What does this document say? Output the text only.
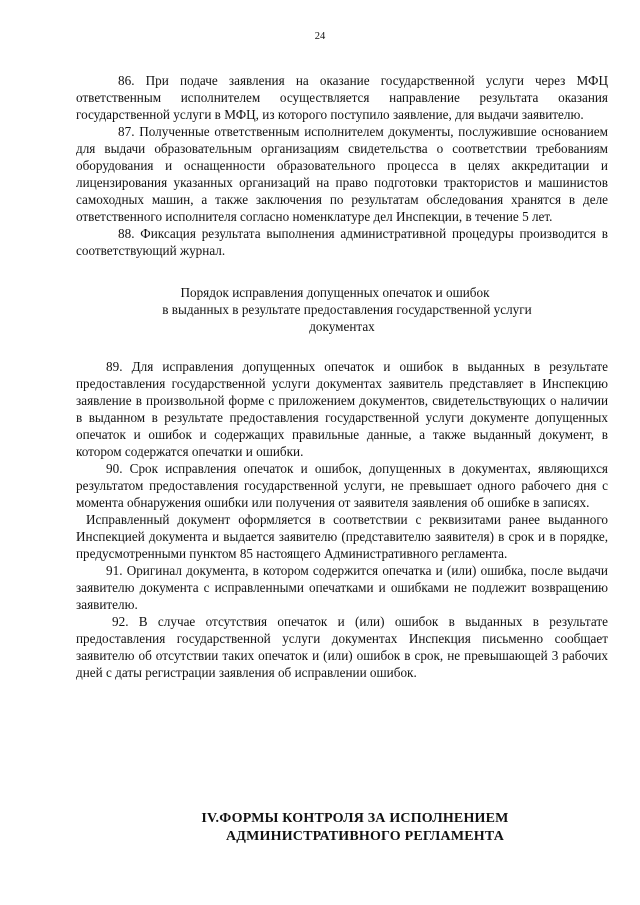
24

86. При подаче заявления на оказание государственной услуги через МФЦ ответственным исполнителем осуществляется направление результата оказания государственной услуги в МФЦ, из которого поступило заявление, для выдачи заявителю.

87. Полученные ответственным исполнителем документы, послужившие основанием для выдачи образовательным организациям свидетельства о соответствии требованиям оборудования и оснащенности образовательного процесса в целях аккредитации и лицензирования указанных организаций на право подготовки трактористов и машинистов самоходных машин, а также заключения по результатам обследования хранятся в деле ответственного исполнителя согласно номенклатуре дел Инспекции, в течение 5 лет.

88. Фиксация результата выполнения административной процедуры производится в соответствующий журнал.

Порядок исправления допущенных опечаток и ошибок
в выданных в результате предоставления государственной услуги
документах

89. Для исправления допущенных опечаток и ошибок в выданных в результате предоставления государственной услуги документах заявитель представляет в Инспекцию заявление в произвольной форме с приложением документов, свидетельствующих о наличии в выданном в результате предоставления государственной услуги документе допущенных опечаток и ошибок и содержащих правильные данные, а также выданный документ, в котором содержатся опечатки и ошибки.

90. Срок исправления опечаток и ошибок, допущенных в документах, являющихся результатом предоставления государственной услуги, не превышает одного рабочего дня с момента обнаружения ошибки или получения от заявителя заявления об ошибке в записях.

Исправленный документ оформляется в соответствии с реквизитами ранее выданного Инспекцией документа и выдается заявителю (представителю заявителя) в срок и в порядке, предусмотренными пунктом 85 настоящего Административного регламента.

91. Оригинал документа, в котором содержится опечатка и (или) ошибка, после выдачи заявителю документа с исправленными опечатками и ошибками не подлежит возвращению заявителю.

92. В случае отсутствия опечаток и (или) ошибок в выданных в результате предоставления государственной услуги документах Инспекция письменно сообщает заявителю об отсутствии таких опечаток и (или) ошибок в срок, не превышающей 3 рабочих дней с даты регистрации заявления об исправлении ошибок.

IV.ФОРМЫ КОНТРОЛЯ ЗА ИСПОЛНЕНИЕМ
АДМИНИСТРАТИВНОГО РЕГЛАМЕНТА
